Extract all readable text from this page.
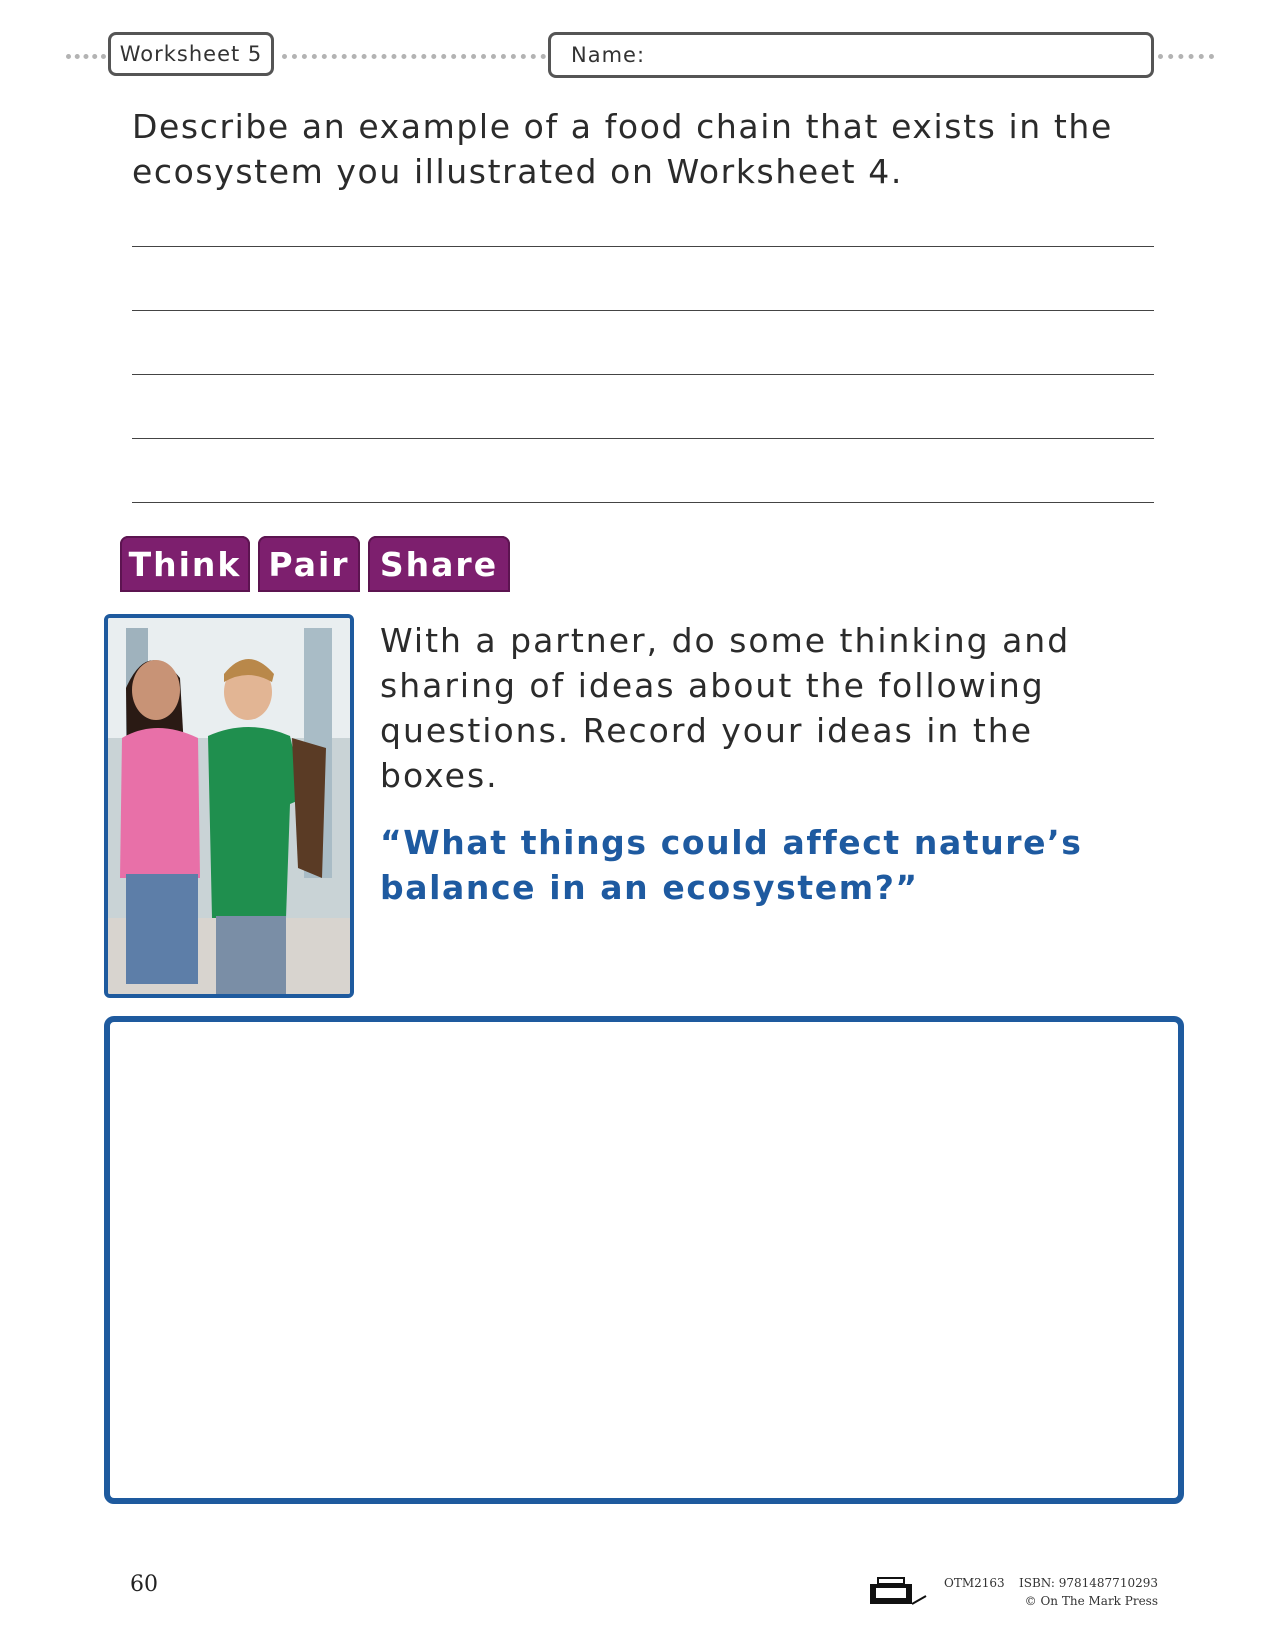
Worksheet 5	Name:

Describe an example of a food chain that exists in the ecosystem you illustrated on Worksheet 4.

Think Pair Share

With a partner, do some thinking and sharing of ideas about the following questions. Record your ideas in the boxes.

“What things could affect nature’s balance in an ecosystem?”

60	OTM2163 ISBN: 9781487710293
© On The Mark Press
